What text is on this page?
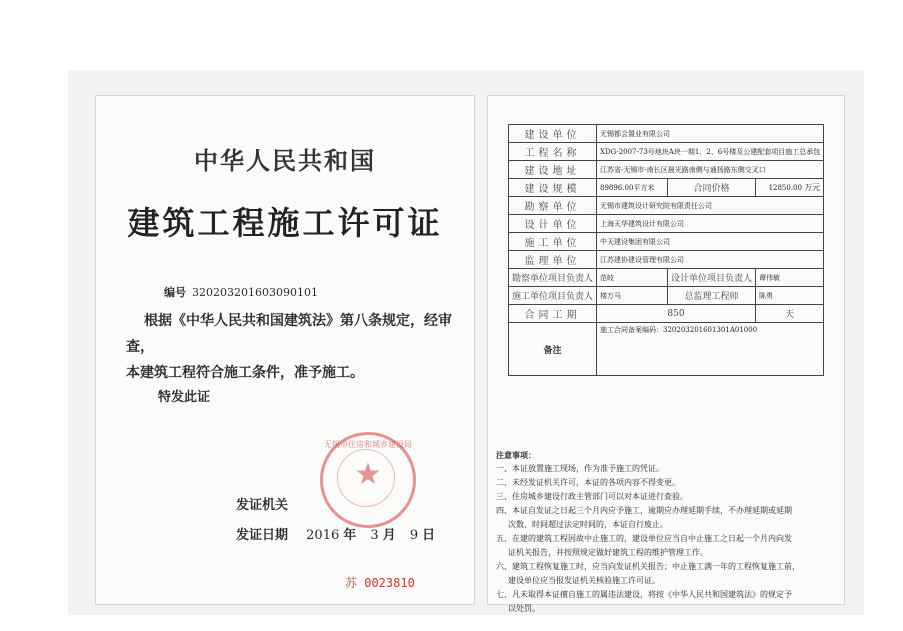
中华人民共和国
建筑工程施工许可证
编号 320203201603090101

根据《中华人民共和国建筑法》第八条规定，经审查，

本建筑工程符合施工条件，准予施工。

特发此证
无锡市住房和城乡建设局
★
发证机关
发证日期 2016 年 3 月 9 日
苏 0023810
建设单位	无锡都会置业有限公司		
工程名称	XDG-2007-73号地块A块一期1、2、6号楼及公建配套项目施工总承包		
建设地址	江苏省-无锡市-南长区晨光路南侧与通扬路东侧交叉口		
建设规模	89896.00平方米	合同价格	12850.00 万元
勘察单位	无锡市建筑设计研究院有限责任公司		
设计单位	上海天华建筑设计有限公司		
施工单位	中天建设集团有限公司		
监理单位	江苏建协建设管理有限公司		
勘察单位项目负责人	范岐	设计单位项目负责人	谭伟敏
施工单位项目负责人	楼万马	总监理工程师	陈勇
合同工期	850		天
备注	施工合同备案编码：320203201601301A01000		

注意事项：

一、本证放置施工现场，作为准予施工的凭证。

二、未经发证机关许可，本证的各项内容不得变更。

三、住房城乡建设行政主管部门可以对本证进行查验。

四、本证自发证之日起三个月内应予施工，逾期应办理延期手续，不办理延期或延期

次数、时间超过法定时间的，本证自行废止。

五、在建的建筑工程因故中止施工的，建设单位应当自中止施工之日起一个月内向发

证机关报告，并按照规定做好建筑工程的维护管理工作。

六、建筑工程恢复施工时，应当向发证机关报告；中止施工满一年的工程恢复施工前，

建设单位应当报发证机关核验施工许可证。

七、凡未取得本证擅自施工的属违法建设，将按《中华人民共和国建筑法》的规定予

以处罚。
